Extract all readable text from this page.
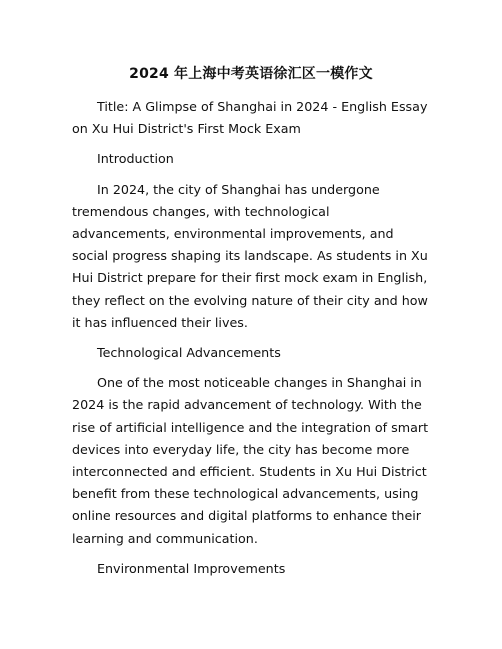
2024 年上海中考英语徐汇区一模作文

Title: A Glimpse of Shanghai in 2024 - English Essay on Xu Hui District's First Mock Exam

Introduction

In 2024, the city of Shanghai has undergone tremendous changes, with technological advancements, environmental improvements, and social progress shaping its landscape. As students in Xu Hui District prepare for their first mock exam in English, they reflect on the evolving nature of their city and how it has influenced their lives.

Technological Advancements

One of the most noticeable changes in Shanghai in 2024 is the rapid advancement of technology. With the rise of artificial intelligence and the integration of smart devices into everyday life, the city has become more interconnected and efficient. Students in Xu Hui District benefit from these technological advancements, using online resources and digital platforms to enhance their learning and communication.

Environmental Improvements
